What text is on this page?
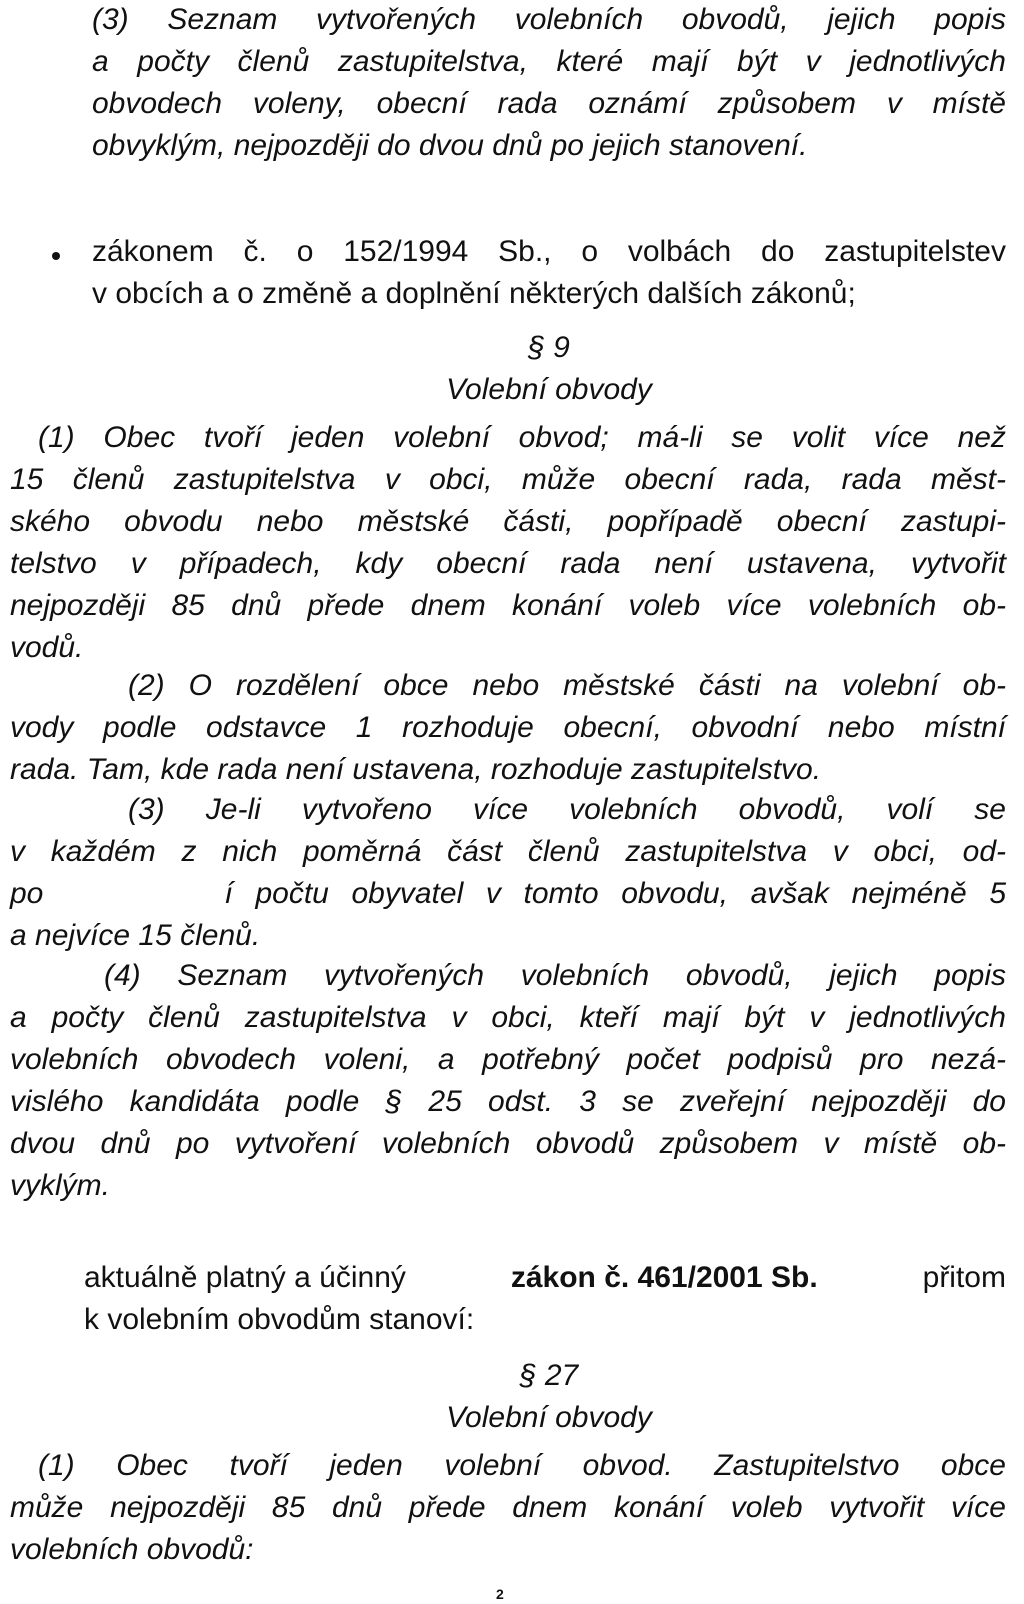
(3) Seznam vytvořených volebních obvodů, jejich popis
a počty členů zastupitelstva, které mají být v jednotlivých
obvodech voleny, obecní rada oznámí způsobem v místě
obvyklým, nejpozději do dvou dnů po jejich stanovení.
zákonem č. o 152/1994 Sb., o volbách do zastupitelstev
v obcích a o změně a doplnění některých dalších zákonů;
§ 9
Volební obvody
(1) Obec tvoří jeden volební obvod; má-li se volit více než
15 členů zastupitelstva v obci, může obecní rada, rada měst-
ského obvodu nebo městské části, popřípadě obecní zastupi-
telstvo v případech, kdy obecní rada není ustavena, vytvořit
nejpozději 85 dnů přede dnem konání voleb více volebních ob-
vodů.
(2) O rozdělení obce nebo městské části na volební ob-
vody podle odstavce 1 rozhoduje obecní, obvodní nebo místní
rada. Tam, kde rada není ustavena, rozhoduje zastupitelstvo.
(3) Je-li vytvořeno více volebních obvodů, volí se
v každém z nich poměrná část členů zastupitelstva v obci, od-
po        í počtu obyvatel v tomto obvodu, avšak nejméně 5
a nejvíce 15 členů.
(4) Seznam vytvořených volebních obvodů, jejich popis
a počty členů zastupitelstva v obci, kteří mají být v jednotlivých
volebních obvodech voleni, a potřebný počet podpisů pro nezá-
vislého kandidáta podle § 25 odst. 3 se zveřejní nejpozději do
dvou dnů po vytvoření volebních obvodů způsobem v místě ob-
vyklým.
aktuálně platný a účinný	zákon č. 461/2001 Sb.	přitom
k volebním obvodům stanoví:
§ 27
Volební obvody
(1) Obec tvoří jeden volební obvod. Zastupitelstvo obce
může nejpozději 85 dnů přede dnem konání voleb vytvořit více
volebních obvodů:
2
